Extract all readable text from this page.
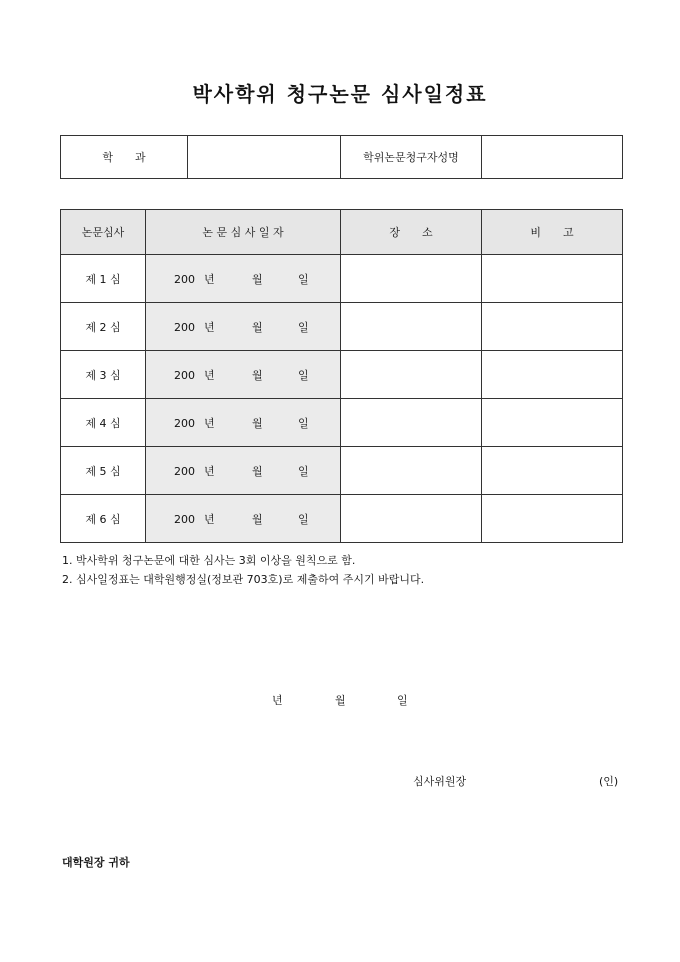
박사학위 청구논문 심사일정표
학　　과		학위논문청구자성명	
논문심사	논 문 심 사 일 자	장　　소	비　　고
제 1 심	200 년 월 일		
제 2 심	200 년 월 일		
제 3 심	200 년 월 일		
제 4 심	200 년 월 일		
제 5 심	200 년 월 일		
제 6 심	200 년 월 일		
1. 박사학위 청구논문에 대한 심사는 3회 이상을 원칙으로 함.
2. 심사일정표는 대학원행정실(정보관 703호)로 제출하여 주시기 바랍니다.
년	월	일
심사위원장	(인)
대학원장 귀하
